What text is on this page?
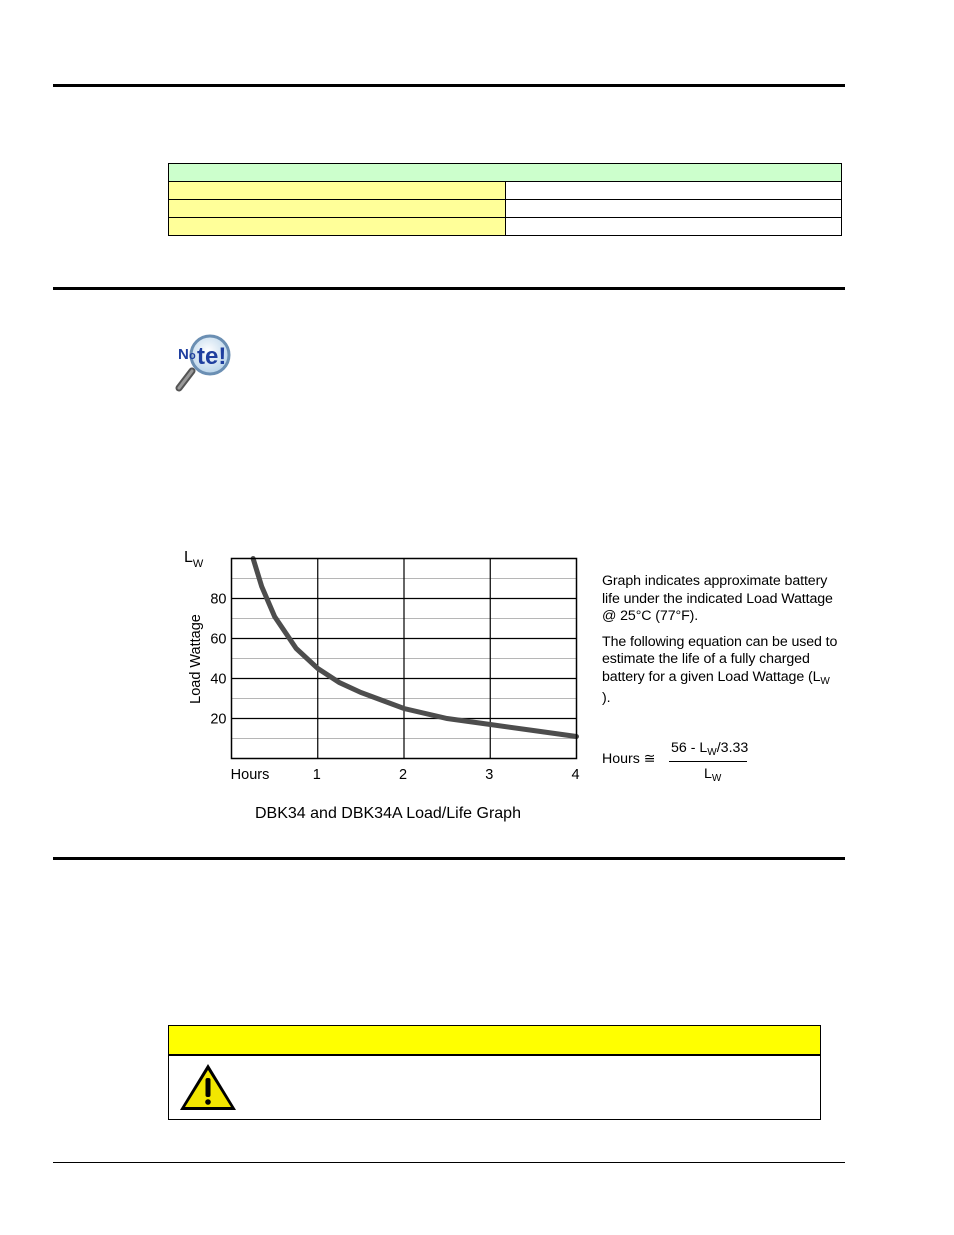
N o te!
$L_W$
Load Wattage
20
40
60
80
1	2	3	4
Hours

Graph indicates approximate battery life under the indicated Load Wattage @ 25°C (77°F).

The following equation can be used to estimate the life of a fully charged battery for a given Load Wattage ($L_W$ ).

Hours ≅
$56 - L_W/3.33$
$L_W$
DBK34 and DBK34A Load/Life Graph
